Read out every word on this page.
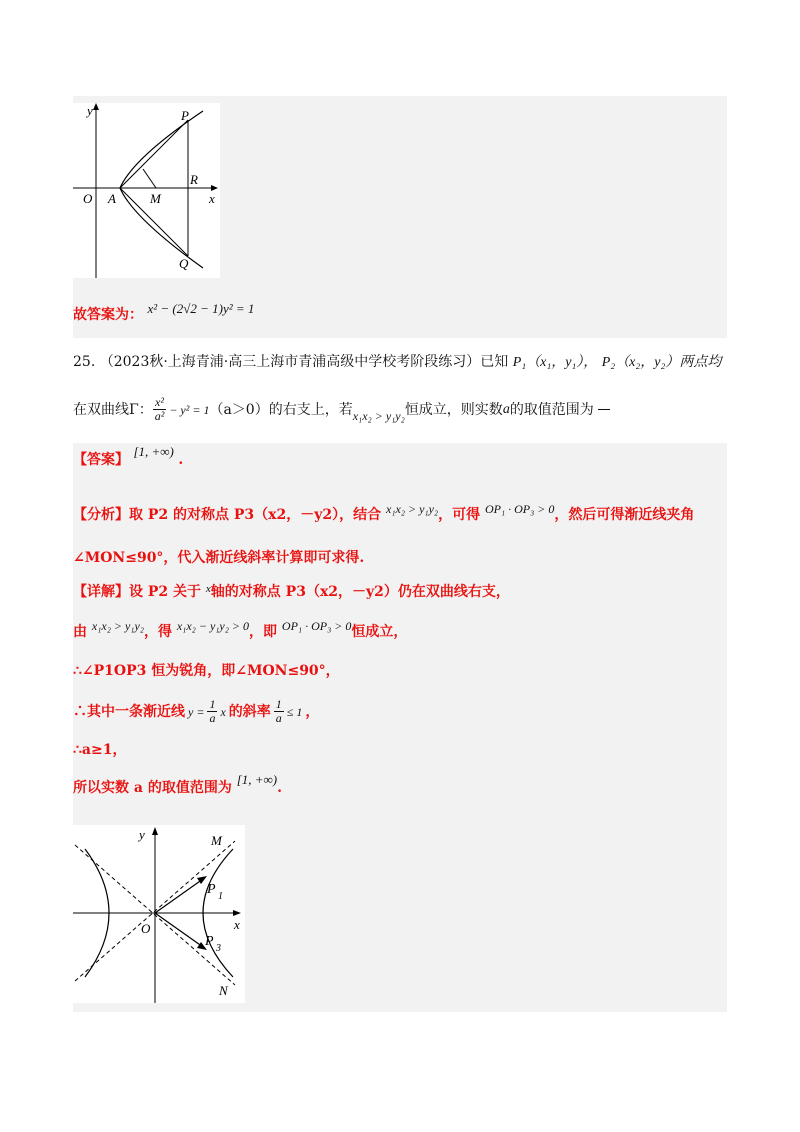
y	P
R
O A	M	x
Q
故答案为： x² − (2√2 − 1)y² = 1
25. （2023秋·上海青浦·高三上海市青浦高级中学校考阶段练习）已知 P₁（x₁，y₁）， P₂（x₂，y₂）两点均
在双曲线Γ： $\frac{\text{x²}}{\text{a²}} - y^2 = 1$ （a＞0）的右支上，若 x₁x₂ > y₁y₂ 恒成立，则实数 a 的取值范围为
【答案】 [1, +∞) .
【分析】取 P2 的对称点 P3（x2，－y2），结合 x₁x₂ > y₁y₂，可得 OP₁ · OP₃ > 0，然后可得渐近线夹角
∠MON≤90°，代入渐近线斜率计算即可求得.
【详解】设 P2 关于 $^x$轴的对称点 P3（x2，－y2）仍在双曲线右支，
由 x₁x₂ > y₁y₂，得 x₁x₂ − y₁y₂ > 0，即 OP₁ · OP₃ > 0恒成立，
∴∠P1OP3 恒为锐角，即∠MON≤90°，
∴其中一条渐近线 y =
$\frac{1}{a}$ x 的斜率 $\frac{1}{a}$
≤ 1 ，
∴a≥1，
所以实数 a 的取值范围为 [1, +∞).
y	M
P 1
O	x
P 3
N
